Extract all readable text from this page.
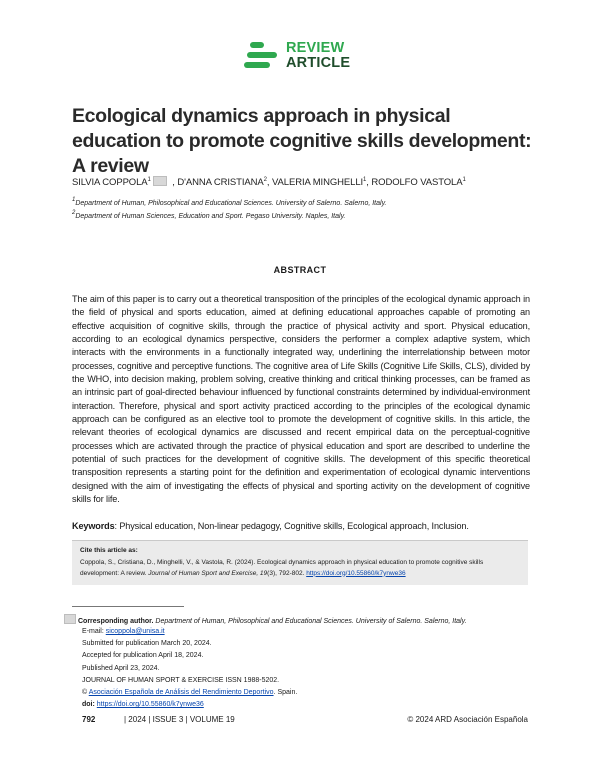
REVIEW
ARTICLE
Ecological dynamics approach in physical education to promote cognitive skills development: A review
SILVIA COPPOLA$^1$ , D'ANNA CRISTIANA$^2$, VALERIA MINGHELLI$^1$, RODOLFO VASTOLA$^1$
$^1$Department of Human, Philosophical and Educational Sciences. University of Salerno. Salerno, Italy.
$^2$Department of Human Sciences, Education and Sport. Pegaso University. Naples, Italy.
ABSTRACT

The aim of this paper is to carry out a theoretical transposition of the principles of the ecological dynamic approach in the field of physical and sports education, aimed at defining educational approaches capable of promoting an effective acquisition of cognitive skills, through the practice of physical activity and sport. Physical education, according to an ecological dynamics perspective, considers the performer a complex adaptive system, which interacts with the environments in a functionally integrated way, underlining the interrelationship between motor processes, cognitive and perceptive functions. The cognitive area of Life Skills (Cognitive Life Skills, CLS), divided by the WHO, into decision making, problem solving, creative thinking and critical thinking processes, can be framed as an intrinsic part of goal-directed behaviour influenced by functional constraints determined by individual-environment interaction. Therefore, physical and sport activity practiced according to the principles of the ecological dynamic approach can be configured as an elective tool to promote the development of cognitive skills. In this article, the relevant theories of ecological dynamics are discussed and recent empirical data on the perceptual-cognitive processes which are activated through the practice of physical education and sport are described to underline the potential of such practices for the development of cognitive skills. The development of this specific theoretical transposition represents a starting point for the definition and experimentation of ecological dynamic interventions designed with the aim of investigating the effects of physical and sporting activity on the development of cognitive skills for life.

Keywords: Physical education, Non-linear pedagogy, Cognitive skills, Ecological approach, Inclusion.
Cite this article as:

Coppola, S., Cristiana, D., Minghelli, V., & Vastola, R. (2024). Ecological dynamics approach in physical education to promote cognitive skills development: A review. Journal of Human Sport and Exercise, 19(3), 792-802. https://doi.org/10.55860/k7ynwe36

Corresponding author. Department of Human, Philosophical and Educational Sciences. University of Salerno. Salerno, Italy.
E-mail: sicoppola@unisa.it
Submitted for publication March 20, 2024.
Accepted for publication April 18, 2024.
Published April 23, 2024.
JOURNAL OF HUMAN SPORT & EXERCISE ISSN 1988-5202.
© Asociación Española de Análisis del Rendimiento Deportivo. Spain.
doi: https://doi.org/10.55860/k7ynwe36
792	| 2024 | ISSUE 3 | VOLUME 19	© 2024 ARD Asociación Española
